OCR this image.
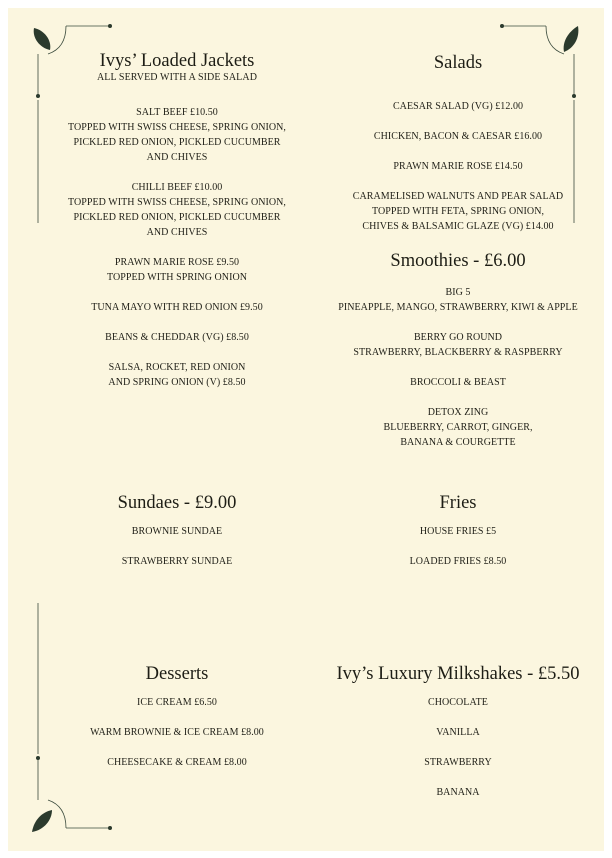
Ivys’ Loaded Jackets
ALL SERVED WITH A SIDE SALAD
SALT BEEF £10.50
TOPPED WITH SWISS CHEESE, SPRING ONION,
PICKLED RED ONION, PICKLED CUCUMBER
AND CHIVES
CHILLI BEEF £10.00
TOPPED WITH SWISS CHEESE, SPRING ONION,
PICKLED RED ONION, PICKLED CUCUMBER
AND CHIVES
PRAWN MARIE ROSE £9.50
TOPPED WITH SPRING ONION
TUNA MAYO WITH RED ONION £9.50
BEANS & CHEDDAR (VG) £8.50
SALSA, ROCKET, RED ONION
AND SPRING ONION (V) £8.50
Salads
CAESAR SALAD (VG) £12.00
CHICKEN, BACON & CAESAR £16.00
PRAWN MARIE ROSE £14.50
CARAMELISED WALNUTS AND PEAR SALAD
TOPPED WITH FETA, SPRING ONION,
CHIVES & BALSAMIC GLAZE (VG) £14.00
Smoothies - £6.00
BIG 5
PINEAPPLE, MANGO, STRAWBERRY, KIWI & APPLE
BERRY GO ROUND
STRAWBERRY, BLACKBERRY & RASPBERRY
BROCCOLI & BEAST
DETOX ZING
BLUEBERRY, CARROT, GINGER,
BANANA & COURGETTE
Sundaes - £9.00
BROWNIE SUNDAE
STRAWBERRY SUNDAE
Fries
HOUSE FRIES £5
LOADED FRIES £8.50
Desserts
ICE CREAM £6.50
WARM BROWNIE & ICE CREAM £8.00
CHEESECAKE & CREAM £8.00
Ivy’s Luxury Milkshakes - £5.50
CHOCOLATE
VANILLA
STRAWBERRY
BANANA
